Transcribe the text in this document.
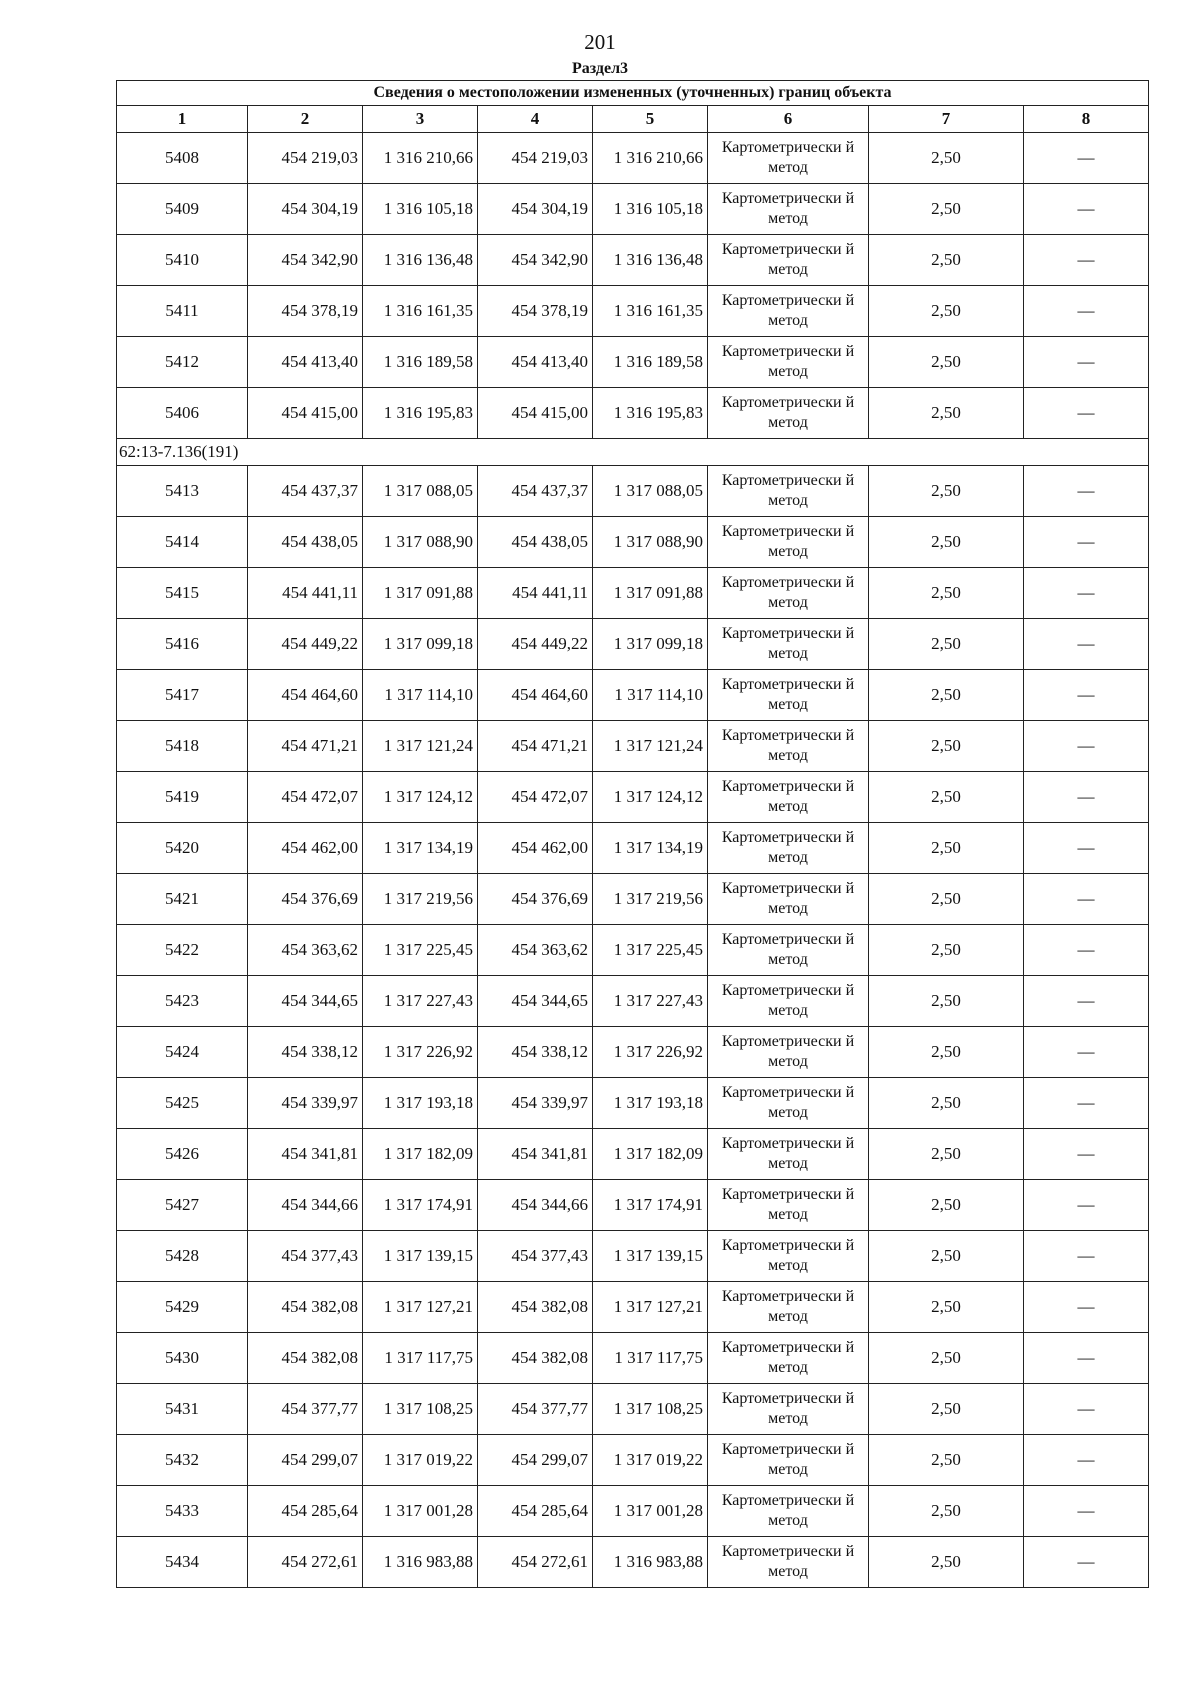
201
Раздел3
Сведения о местоположении измененных (уточненных) границ объекта							
1	2	3	4	5	6	7	8
5408	454 219,03	1 316 210,66	454 219,03	1 316 210,66	Картометрически й метод	2,50	—
5409	454 304,19	1 316 105,18	454 304,19	1 316 105,18	Картометрически й метод	2,50	—
5410	454 342,90	1 316 136,48	454 342,90	1 316 136,48	Картометрически й метод	2,50	—
5411	454 378,19	1 316 161,35	454 378,19	1 316 161,35	Картометрически й метод	2,50	—
5412	454 413,40	1 316 189,58	454 413,40	1 316 189,58	Картометрически й метод	2,50	—
5406	454 415,00	1 316 195,83	454 415,00	1 316 195,83	Картометрически й метод	2,50	—
62:13-7.136(191)							
5413	454 437,37	1 317 088,05	454 437,37	1 317 088,05	Картометрически й метод	2,50	—
5414	454 438,05	1 317 088,90	454 438,05	1 317 088,90	Картометрически й метод	2,50	—
5415	454 441,11	1 317 091,88	454 441,11	1 317 091,88	Картометрически й метод	2,50	—
5416	454 449,22	1 317 099,18	454 449,22	1 317 099,18	Картометрически й метод	2,50	—
5417	454 464,60	1 317 114,10	454 464,60	1 317 114,10	Картометрически й метод	2,50	—
5418	454 471,21	1 317 121,24	454 471,21	1 317 121,24	Картометрически й метод	2,50	—
5419	454 472,07	1 317 124,12	454 472,07	1 317 124,12	Картометрически й метод	2,50	—
5420	454 462,00	1 317 134,19	454 462,00	1 317 134,19	Картометрически й метод	2,50	—
5421	454 376,69	1 317 219,56	454 376,69	1 317 219,56	Картометрически й метод	2,50	—
5422	454 363,62	1 317 225,45	454 363,62	1 317 225,45	Картометрически й метод	2,50	—
5423	454 344,65	1 317 227,43	454 344,65	1 317 227,43	Картометрически й метод	2,50	—
5424	454 338,12	1 317 226,92	454 338,12	1 317 226,92	Картометрически й метод	2,50	—
5425	454 339,97	1 317 193,18	454 339,97	1 317 193,18	Картометрически й метод	2,50	—
5426	454 341,81	1 317 182,09	454 341,81	1 317 182,09	Картометрически й метод	2,50	—
5427	454 344,66	1 317 174,91	454 344,66	1 317 174,91	Картометрически й метод	2,50	—
5428	454 377,43	1 317 139,15	454 377,43	1 317 139,15	Картометрически й метод	2,50	—
5429	454 382,08	1 317 127,21	454 382,08	1 317 127,21	Картометрически й метод	2,50	—
5430	454 382,08	1 317 117,75	454 382,08	1 317 117,75	Картометрически й метод	2,50	—
5431	454 377,77	1 317 108,25	454 377,77	1 317 108,25	Картометрически й метод	2,50	—
5432	454 299,07	1 317 019,22	454 299,07	1 317 019,22	Картометрически й метод	2,50	—
5433	454 285,64	1 317 001,28	454 285,64	1 317 001,28	Картометрически й метод	2,50	—
5434	454 272,61	1 316 983,88	454 272,61	1 316 983,88	Картометрически й метод	2,50	—
